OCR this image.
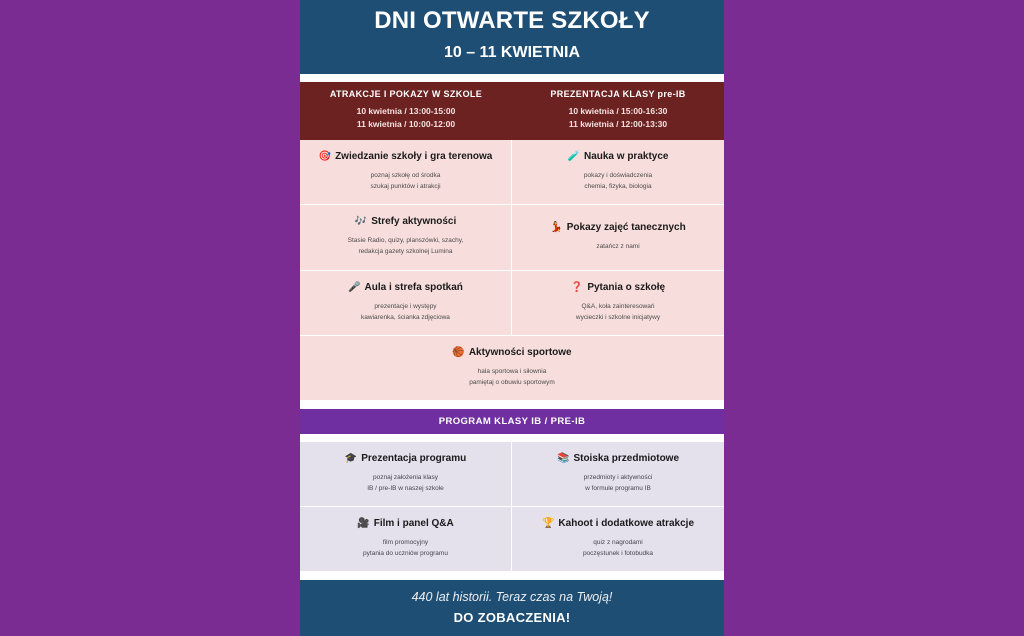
DNI OTWARTE SZKOŁY
10 – 11 KWIETNIA
ATRAKCJE I POKAZY W SZKOLE
10 kwietnia / 13:00-15:00
11 kwietnia / 10:00-12:00
PREZENTACJA KLASY pre-IB
10 kwietnia / 15:00-16:30
11 kwietnia / 12:00-13:30
🎯 Zwiedzanie szkoły i gra terenowa
poznaj szkołę od środka
szukaj punktów i atrakcji
🧪 Nauka w praktyce
pokazy i doświadczenia
chemia, fizyka, biologia
🎶 Strefy aktywności
Stasie Radio, quizy, planszówki, szachy,
redakcja gazety szkolnej Lumina
💃 Pokazy zajęć tanecznych
zatańcz z nami
🎤 Aula i strefa spotkań
prezentacje i występy
kawiarenka, ścianka zdjęciowa
❓ Pytania o szkołę
Q&A, koła zainteresowań
wycieczki i szkolne inicjatywy
🏀 Aktywności sportowe
hala sportowa i siłownia
pamiętaj o obuwiu sportowym
PROGRAM KLASY IB / PRE-IB
🎓 Prezentacja programu
poznaj założenia klasy
IB / pre-IB w naszej szkole
📚 Stoiska przedmiotowe
przedmioty i aktywności
w formule programu IB
🎥 Film i panel Q&A
film promocyjny
pytania do uczniów programu
🏆 Kahoot i dodatkowe atrakcje
quiz z nagrodami
poczęstunek i fotobudka
440 lat historii. Teraz czas na Twoją!
DO ZOBACZENIA!
